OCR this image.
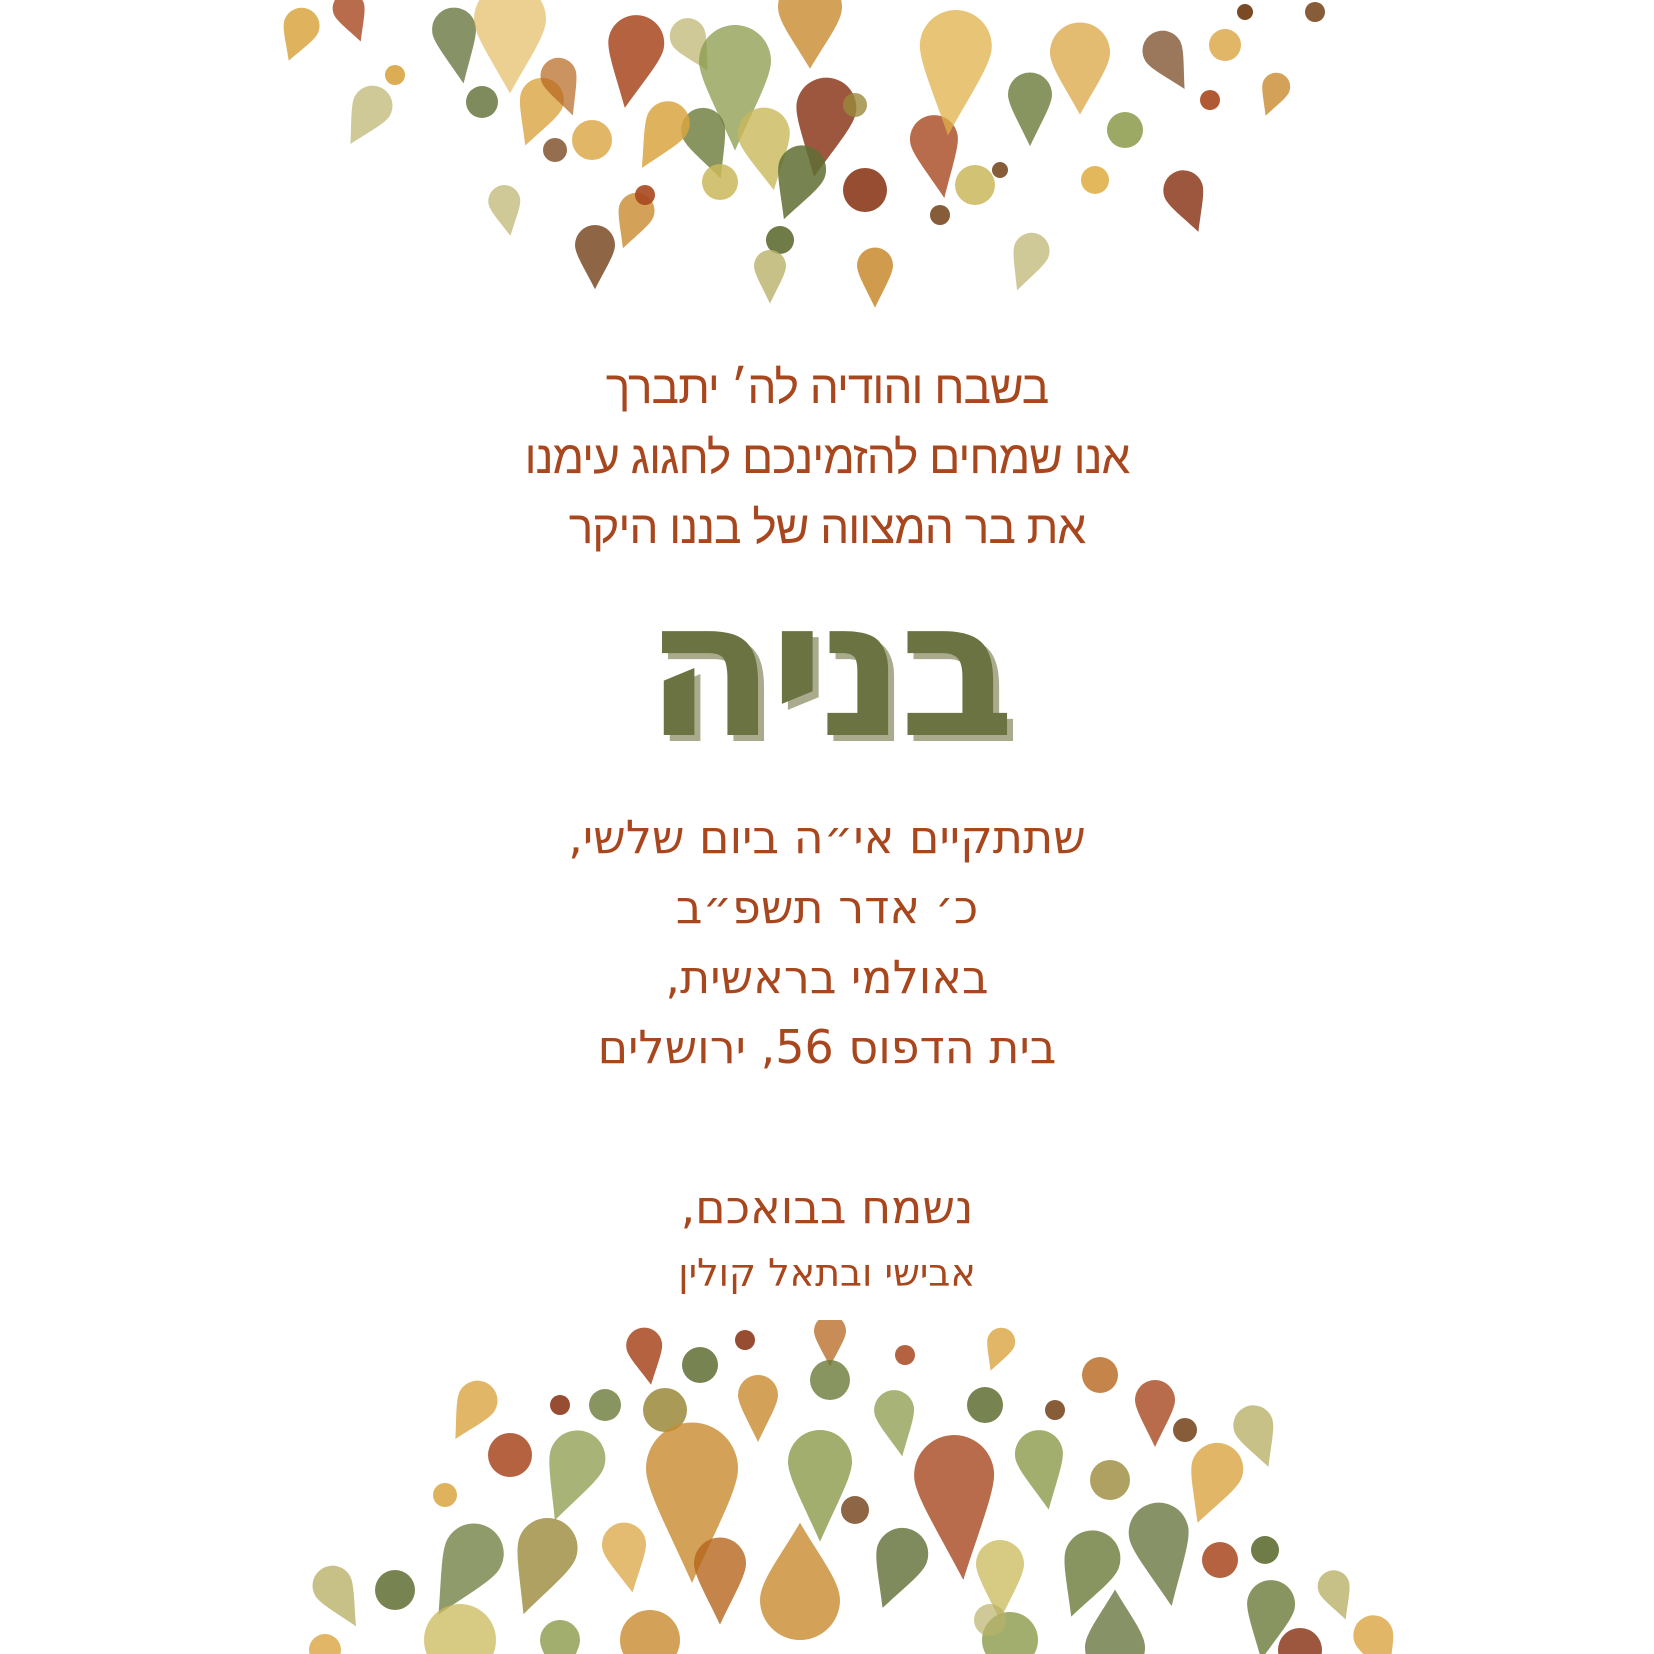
בשבח והודיה לה׳ יתברך
אנו שמחים להזמינכם לחגוג עימנו
את בר המצווה של בננו היקר
בניה
שתתקיים אי״ה ביום שלשי,
כ׳ אדר תשפ״ב
באולמי בראשית,
בית הדפוס 56, ירושלים
נשמח בבואכם,
אבישי ובתאל קולין
